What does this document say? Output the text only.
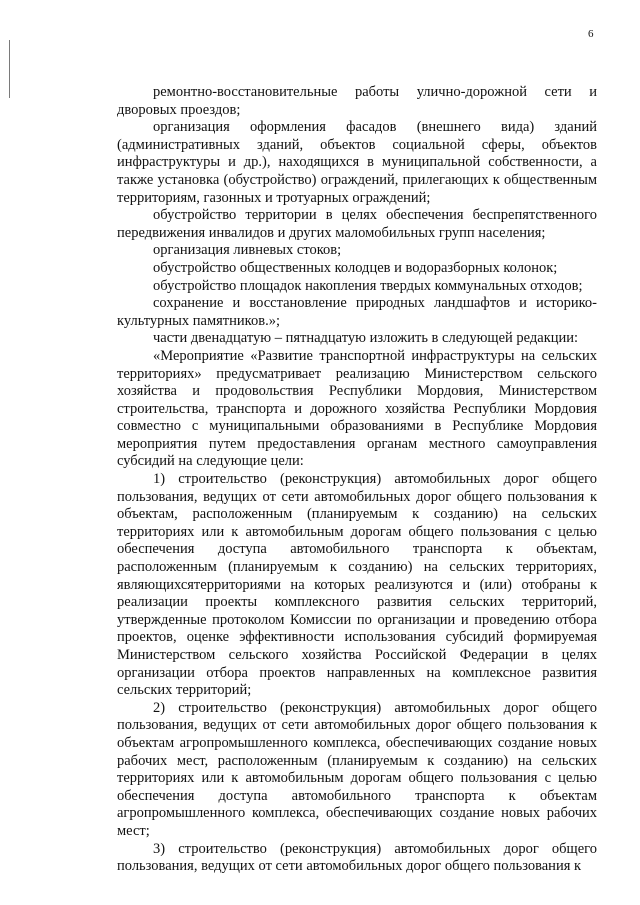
6

ремонтно-восстановительные работы улично-дорожной сети и дворовых проездов;

организация оформления фасадов (внешнего вида) зданий (административных зданий, объектов социальной сферы, объектов инфраструктуры и др.), находящихся в муниципальной собственности, а также установка (обустройство) ограждений, прилегающих к общественным территориям, газонных и тротуарных ограждений;

обустройство территории в целях обеспечения беспрепятственного передвижения инвалидов и других маломобильных групп населения;

организация ливневых стоков;

обустройство общественных колодцев и водоразборных колонок;

обустройство площадок накопления твердых коммунальных отходов;

сохранение и восстановление природных ландшафтов и историко-культурных памятников.»;

части двенадцатую – пятнадцатую изложить в следующей редакции:

«Мероприятие «Развитие транспортной инфраструктуры на сельских территориях» предусматривает реализацию Министерством сельского хозяйства и продовольствия Республики Мордовия, Министерством строительства, транспорта и дорожного хозяйства Республики Мордовия совместно с муниципальными образованиями в Республике Мордовия мероприятия путем предоставления органам местного самоуправления субсидий на следующие цели:

1) строительство (реконструкция) автомобильных дорог общего пользования, ведущих от сети автомобильных дорог общего пользования к объектам, расположенным (планируемым к созданию) на сельских территориях или к автомобильным дорогам общего пользования с целью обеспечения доступа автомобильного транспорта к объектам, расположенным (планируемым к созданию) на сельских территориях, являющихсятерриториями на которых реализуются и (или) отобраны к реализации проекты комплексного развития сельских территорий, утвержденные протоколом Комиссии по организации и проведению отбора проектов, оценке эффективности использования субсидий формируемая Министерством сельского хозяйства Российской Федерации в целях организации отбора проектов направленных на комплексное развития сельских территорий;

2) строительство (реконструкция) автомобильных дорог общего пользования, ведущих от сети автомобильных дорог общего пользования к объектам агропромышленного комплекса, обеспечивающих создание новых рабочих мест, расположенным (планируемым к созданию) на сельских территориях или к автомобильным дорогам общего пользования с целью обеспечения доступа автомобильного транспорта к объектам агропромышленного комплекса, обеспечивающих создание новых рабочих мест;

3) строительство (реконструкция) автомобильных дорог общего пользования, ведущих от сети автомобильных дорог общего пользования к
